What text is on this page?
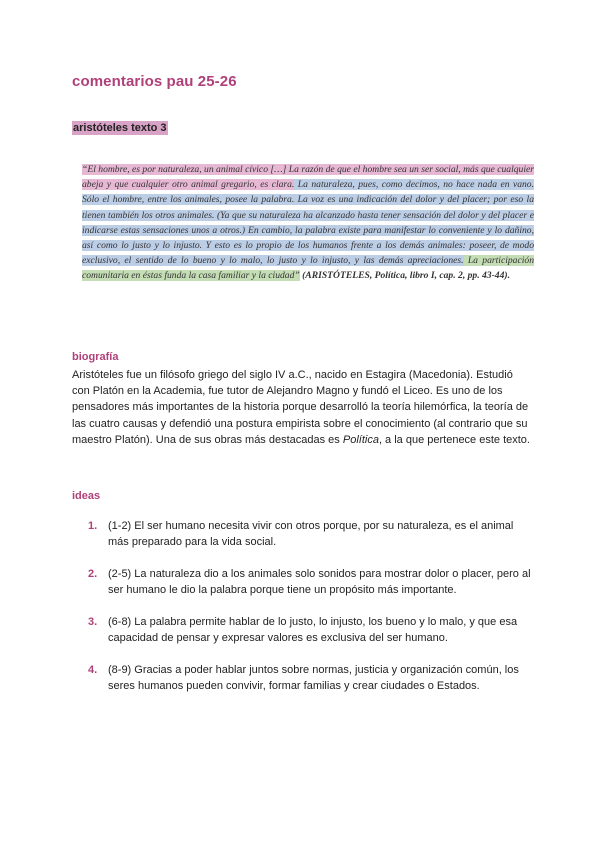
comentarios pau 25-26
aristóteles texto 3
“El hombre, es por naturaleza, un animal cívico […] La razón de que el hombre sea un ser social, más que cualquier abeja y que cualquier otro animal gregario, es clara. La naturaleza, pues, como decimos, no hace nada en vano. Sólo el hombre, entre los animales, posee la palabra. La voz es una indicación del dolor y del placer; por eso la tienen también los otros animales. (Ya que su naturaleza ha alcanzado hasta tener sensación del dolor y del placer e indicarse estas sensaciones unos a otros.) En cambio, la palabra existe para manifestar lo conveniente y lo dañino, así como lo justo y lo injusto. Y esto es lo propio de los humanos frente a los demás animales: poseer, de modo exclusivo, el sentido de lo bueno y lo malo, lo justo y lo injusto, y las demás apreciaciones. La participación comunitaria en éstas funda la casa familiar y la ciudad” (ARISTÓTELES, Política, libro I, cap. 2, pp. 43-44).
biografía
Aristóteles fue un filósofo griego del siglo IV a.C., nacido en Estagira (Macedonia). Estudió con Platón en la Academia, fue tutor de Alejandro Magno y fundó el Liceo. Es uno de los pensadores más importantes de la historia porque desarrolló la teoría hilemórfica, la teoría de las cuatro causas y defendió una postura empirista sobre el conocimiento (al contrario que su maestro Platón). Una de sus obras más destacadas es Política, a la que pertenece este texto.
ideas
1. (1-2) El ser humano necesita vivir con otros porque, por su naturaleza, es el animal más preparado para la vida social.
2. (2-5) La naturaleza dio a los animales solo sonidos para mostrar dolor o placer, pero al ser humano le dio la palabra porque tiene un propósito más importante.
3. (6-8) La palabra permite hablar de lo justo, lo injusto, los bueno y lo malo, y que esa capacidad de pensar y expresar valores es exclusiva del ser humano.
4. (8-9) Gracias a poder hablar juntos sobre normas, justicia y organización común, los seres humanos pueden convivir, formar familias y crear ciudades o Estados.
